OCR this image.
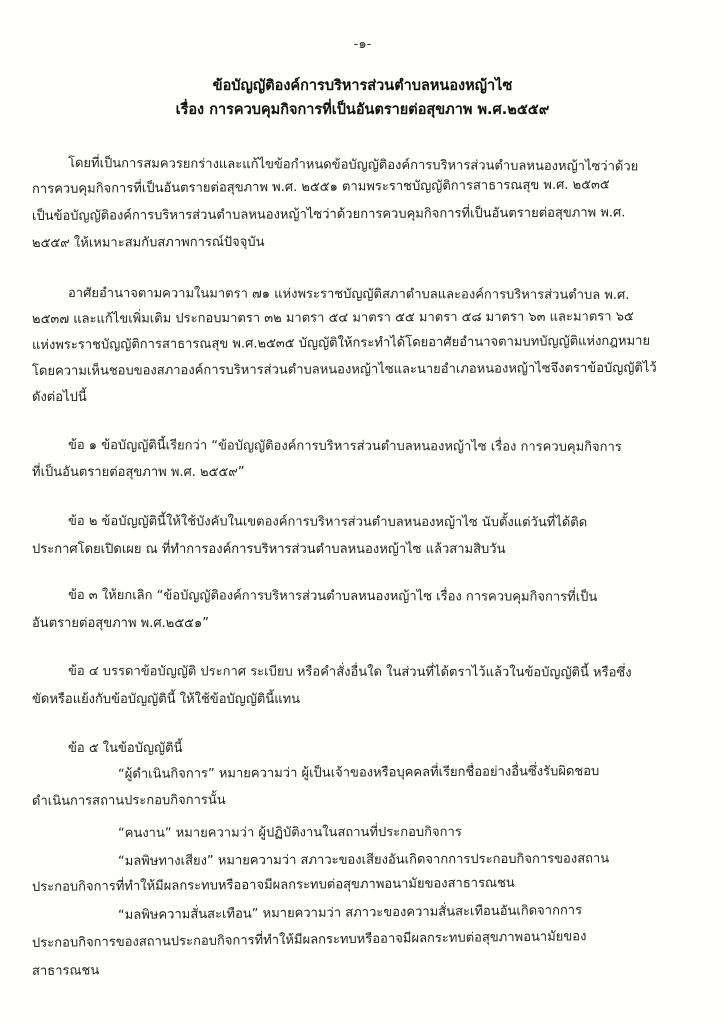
-๑-
ข้อบัญญัติองค์การบริหารส่วนตำบลหนองหญ้าไซ
เรื่อง การควบคุมกิจการที่เป็นอันตรายต่อสุขภาพ พ.ศ.๒๕๕๙
โดยที่เป็นการสมควรยกร่างและแก้ไขข้อกำหนดข้อบัญญัติองค์การบริหารส่วนตำบลหนองหญ้าไซว่าด้วย
การควบคุมกิจการที่เป็นอันตรายต่อสุขภาพ พ.ศ. ๒๕๕๑ ตามพระราชบัญญัติการสาธารณสุข พ.ศ. ๒๕๓๕
เป็นข้อบัญญัติองค์การบริหารส่วนตำบลหนองหญ้าไซว่าด้วยการควบคุมกิจการที่เป็นอันตรายต่อสุขภาพ พ.ศ.
๒๕๕๙ ให้เหมาะสมกับสภาพการณ์ปัจจุบัน
อาศัยอำนาจตามความในมาตรา ๗๑ แห่งพระราชบัญญัติสภาตำบลและองค์การบริหารส่วนตำบล พ.ศ.
๒๕๓๗ และแก้ไขเพิ่มเติม ประกอบมาตรา ๓๒ มาตรา ๕๔ มาตรา ๕๕ มาตรา ๕๘ มาตรา ๖๓ และมาตรา ๖๕
แห่งพระราชบัญญัติการสาธารณสุข พ.ศ.๒๕๓๕ บัญญัติให้กระทำได้โดยอาศัยอำนาจตามบทบัญญัติแห่งกฎหมาย
โดยความเห็นชอบของสภาองค์การบริหารส่วนตำบลหนองหญ้าไซและนายอำเภอหนองหญ้าไซจึงตราข้อบัญญัติไว้
ดังต่อไปนี้
ข้อ ๑ ข้อบัญญัตินี้เรียกว่า “ข้อบัญญัติองค์การบริหารส่วนตำบลหนองหญ้าไซ เรื่อง การควบคุมกิจการ
ที่เป็นอันตรายต่อสุขภาพ พ.ศ. ๒๕๕๙”
ข้อ ๒ ข้อบัญญัตินี้ให้ใช้บังคับในเขตองค์การบริหารส่วนตำบลหนองหญ้าไซ นับตั้งแต่วันที่ได้ติด
ประกาศโดยเปิดเผย ณ ที่ทำการองค์การบริหารส่วนตำบลหนองหญ้าไซ แล้วสามสิบวัน
ข้อ ๓ ให้ยกเลิก “ข้อบัญญัติองค์การบริหารส่วนตำบลหนองหญ้าไซ เรื่อง การควบคุมกิจการที่เป็น
อันตรายต่อสุขภาพ พ.ศ.๒๕๕๑”
ข้อ ๔ บรรดาข้อบัญญัติ ประกาศ ระเบียบ หรือคำสั่งอื่นใด ในส่วนที่ได้ตราไว้แล้วในข้อบัญญัตินี้ หรือซึ่ง
ขัดหรือแย้งกับข้อบัญญัตินี้ ให้ใช้ข้อบัญญัตินี้แทน
ข้อ ๕ ในข้อบัญญัตินี้
“ผู้ดำเนินกิจการ” หมายความว่า ผู้เป็นเจ้าของหรือบุคคลที่เรียกชื่ออย่างอื่นซึ่งรับผิดชอบ
ดำเนินการสถานประกอบกิจการนั้น
“คนงาน” หมายความว่า ผู้ปฏิบัติงานในสถานที่ประกอบกิจการ
“มลพิษทางเสียง” หมายความว่า สภาวะของเสียงอันเกิดจากการประกอบกิจการของสถาน
ประกอบกิจการที่ทำให้มีผลกระทบหรืออาจมีผลกระทบต่อสุขภาพอนามัยของสาธารณชน
“มลพิษความสั่นสะเทือน” หมายความว่า สภาวะของความสั่นสะเทือนอันเกิดจากการ
ประกอบกิจการของสถานประกอบกิจการที่ทำให้มีผลกระทบหรืออาจมีผลกระทบต่อสุขภาพอนามัยของ
สาธารณชน
